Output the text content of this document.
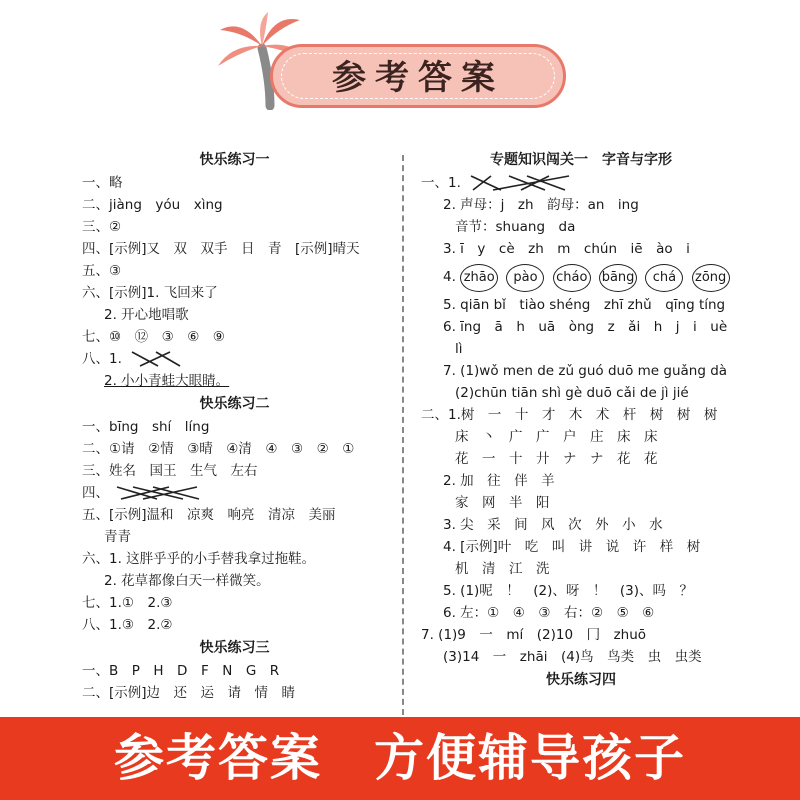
参考答案
快乐练习一
一、略
二、jiàng　yóu　xìng
三、②
四、[示例]又　双　双手　日　青　[示例]晴天
五、③
六、[示例]1. 飞回来了
2. 开心地唱歌
七、⑩　⑫　③　⑥　⑨
八、1.
2. 小小青蛙大眼睛。
快乐练习二
一、bīng　shí　líng
二、①请　②情　③晴　④清　④　③　②　①
三、姓名　国王　生气　左右
四、
五、[示例]温和　凉爽　响亮　清凉　美丽
青青
六、1. 这胖乎乎的小手替我拿过拖鞋。
2. 花草都像白天一样微笑。
七、1.①　2.③
八、1.③　2.②
快乐练习三
一、B　P　H　D　F　N　G　R
二、[示例]边　还　运　请　情　睛
专题知识闯关一　字音与字形
一、1.
2. 声母：j　zh　韵母：an　ing
音节：shuang　da
3. ī　y　cè　zh　m　chún　iē　ào　i
4. zhāo pào cháo bāng chá zōng
5. qiān bǐ　tiào shéng　zhī zhǔ　qīng tíng
6. īng　ā　h　uā　òng　z　ǎi　h　j　i　uè
lì
7. (1)wǒ men de zǔ guó duō me guǎng dà
(2)chūn tiān shì gè duō cǎi de jì jié
二、1.树　一　十　才　木　术　杆　树　树　树
床　丶　广　广　户　庄　床　床
花　一　十　廾　ナ　ナ　花　花
2. 加　往　伴　羊
家　网　半　阳
3. 尖　采　间　风　次　外　小　水
4. [示例]叶　吃　叫　讲　说　许　样　树
机　清　江　洗
5. (1)呢　！　(2)、呀　！　(3)、吗　？
6. 左：①　④　③　右：②　⑤　⑥
7. (1)9　一　mí　(2)10　冂　zhuō
(3)14　一　zhāi　(4)鸟　鸟类　虫　虫类
快乐练习四
参考答案　方便辅导孩子
